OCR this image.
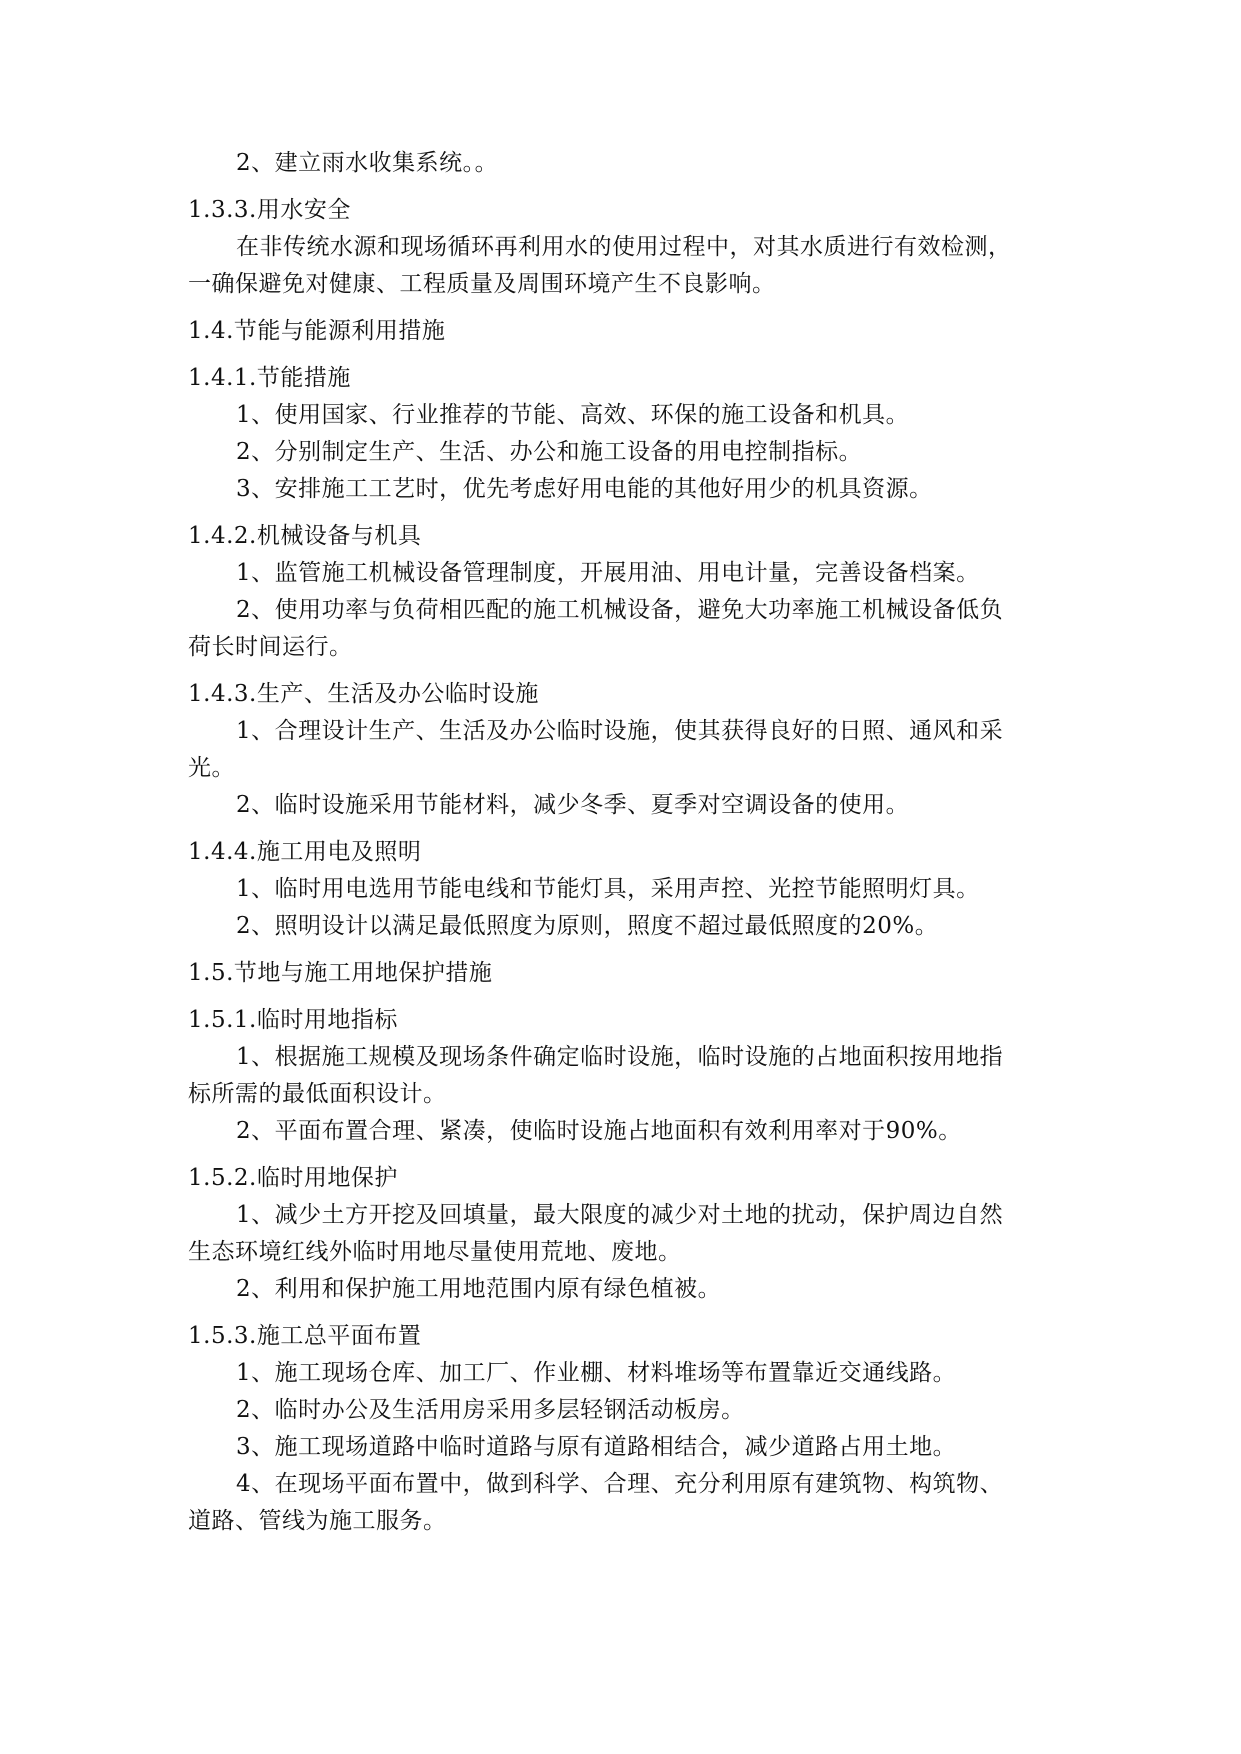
2、建立雨水收集系统。。
1.3.3.用水安全
在非传统水源和现场循环再利用水的使用过程中，对其水质进行有效检测，
一确保避免对健康、工程质量及周围环境产生不良影响。
1.4.节能与能源利用措施
1.4.1.节能措施
1、使用国家、行业推荐的节能、高效、环保的施工设备和机具。
2、分别制定生产、生活、办公和施工设备的用电控制指标。
3、安排施工工艺时，优先考虑好用电能的其他好用少的机具资源。
1.4.2.机械设备与机具
1、监管施工机械设备管理制度，开展用油、用电计量，完善设备档案。
2、使用功率与负荷相匹配的施工机械设备，避免大功率施工机械设备低负
荷长时间运行。
1.4.3.生产、生活及办公临时设施
1、合理设计生产、生活及办公临时设施，使其获得良好的日照、通风和采
光。
2、临时设施采用节能材料，减少冬季、夏季对空调设备的使用。
1.4.4.施工用电及照明
1、临时用电选用节能电线和节能灯具，采用声控、光控节能照明灯具。
2、照明设计以满足最低照度为原则，照度不超过最低照度的20%。
1.5.节地与施工用地保护措施
1.5.1.临时用地指标
1、根据施工规模及现场条件确定临时设施，临时设施的占地面积按用地指
标所需的最低面积设计。
2、平面布置合理、紧凑，使临时设施占地面积有效利用率对于90%。
1.5.2.临时用地保护
1、减少土方开挖及回填量，最大限度的减少对土地的扰动，保护周边自然
生态环境红线外临时用地尽量使用荒地、废地。
2、利用和保护施工用地范围内原有绿色植被。
1.5.3.施工总平面布置
1、施工现场仓库、加工厂、作业棚、材料堆场等布置靠近交通线路。
2、临时办公及生活用房采用多层轻钢活动板房。
3、施工现场道路中临时道路与原有道路相结合，减少道路占用土地。
4、在现场平面布置中，做到科学、合理、充分利用原有建筑物、构筑物、
道路、管线为施工服务。
